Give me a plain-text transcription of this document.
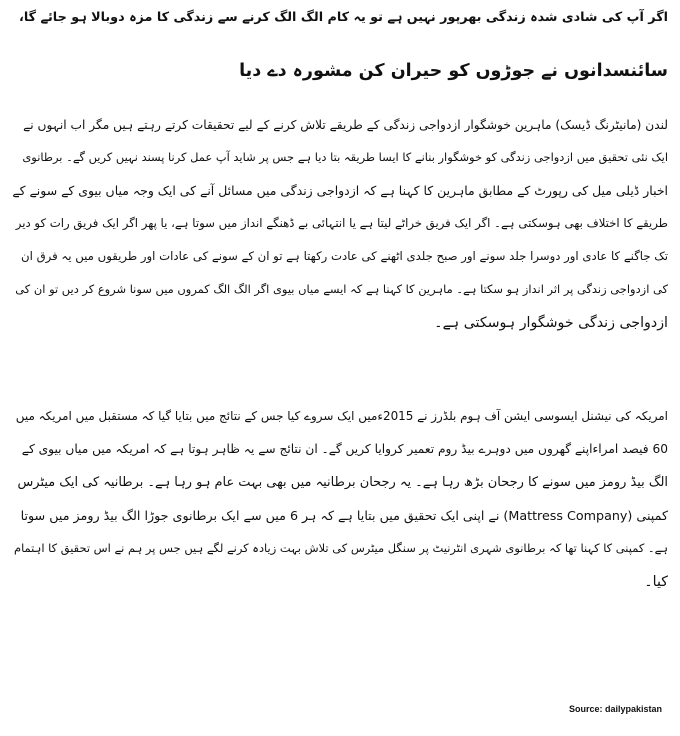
اگر آپ کی شادی شدہ زندگی بھرپور نہیں ہے تو یہ کام الگ الگ کرنے سے زندگی کا مزہ دوبالا ہو جائے گا،
سائنسدانوں نے جوڑوں کو حیران کن مشورہ دے دیا
لندن (مانیٹرنگ ڈیسک) ماہرین خوشگوار ازدواجی زندگی کے طریقے تلاش کرنے کے لیے تحقیقات کرتے رہتے ہیں مگر اب انہوں نے
ایک نئی تحقیق میں ازدواجی زندگی کو خوشگوار بنانے کا ایسا طریقہ بتا دیا ہے جس پر شاید آپ عمل کرنا پسند نہیں کریں گے۔ برطانوی
اخبار ڈیلی میل کی رپورٹ کے مطابق ماہرین کا کہنا ہے کہ ازدواجی زندگی میں مسائل آنے کی ایک وجہ میاں بیوی کے سونے کے
طریقے کا اختلاف بھی ہوسکتی ہے۔ اگر ایک فریق خراٹے لیتا ہے یا انتہائی بے ڈھنگے انداز میں سوتا ہے، یا پھر اگر ایک فریق رات کو دیر
تک جاگنے کا عادی اور دوسرا جلد سونے اور صبح جلدی اٹھنے کی عادت رکھتا ہے تو ان کے سونے کی عادات اور طریقوں میں یہ فرق ان
کی ازدواجی زندگی پر اثر انداز ہو سکتا ہے۔ ماہرین کا کہنا ہے کہ ایسے میاں بیوی اگر الگ الگ کمروں میں سونا شروع کر دیں تو ان کی
ازدواجی زندگی خوشگوار ہوسکتی ہے۔
امریکہ کی نیشنل ایسوسی ایشن آف ہوم بلڈرز نے 2015ءمیں ایک سروے کیا جس کے نتائج میں بتایا گیا کہ مستقبل میں امریکہ میں
60 فیصد امراءاپنے گھروں میں دوہرے بیڈ روم تعمیر کروایا کریں گے۔ ان نتائج سے یہ ظاہر ہوتا ہے کہ امریکہ میں میاں بیوی کے
الگ بیڈ رومز میں سونے کا رجحان بڑھ رہا ہے۔ یہ رجحان برطانیہ میں بھی بہت عام ہو رہا ہے۔ برطانیہ کی ایک میٹرس
کمپنی (Mattress Company) نے اپنی ایک تحقیق میں بتایا ہے کہ ہر 6 میں سے ایک برطانوی جوڑا الگ بیڈ رومز میں سوتا
ہے۔ کمپنی کا کہنا تھا کہ برطانوی شہری انٹرنیٹ پر سنگل میٹرس کی تلاش بہت زیادہ کرنے لگے ہیں جس پر ہم نے اس تحقیق کا اہتمام
کیا۔
Source: dailypakistan
